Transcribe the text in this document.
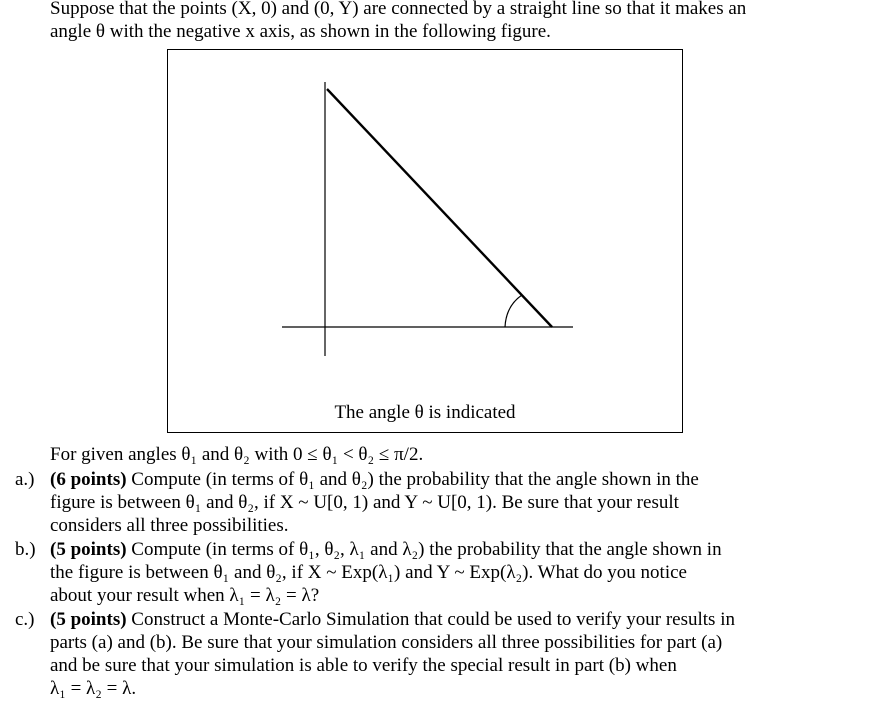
Suppose that the points (X, 0) and (0, Y) are connected by a straight line so that it makes an
angle θ with the negative x axis, as shown in the following figure.
The angle θ is indicated
For given angles θ₁ and θ₂ with 0 ≤ θ₁ < θ₂ ≤ π/2.
a.) (6 points) Compute (in terms of θ₁ and θ₂) the probability that the angle shown in the
figure is between θ₁ and θ₂, if X ~ U[0, 1) and Y ~ U[0, 1). Be sure that your result
considers all three possibilities.
b.) (5 points) Compute (in terms of θ₁, θ₂, λ₁ and λ₂) the probability that the angle shown in
the figure is between θ₁ and θ₂, if X ~ Exp(λ₁) and Y ~ Exp(λ₂). What do you notice
about your result when λ₁ = λ₂ = λ?
c.) (5 points) Construct a Monte-Carlo Simulation that could be used to verify your results in
parts (a) and (b). Be sure that your simulation considers all three possibilities for part (a)
and be sure that your simulation is able to verify the special result in part (b) when
λ₁ = λ₂ = λ.
